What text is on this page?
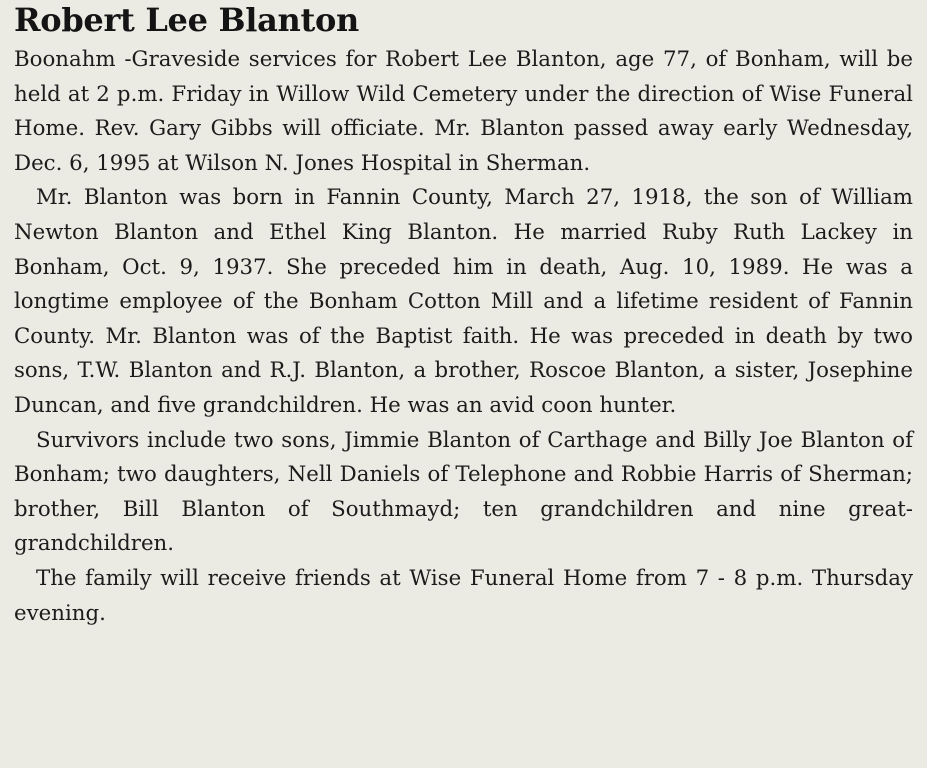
Robert Lee Blanton

Boonahm -Graveside services for Robert Lee Blanton, age 77, of Bonham, will be held at 2 p.m. Friday in Willow Wild Cemetery under the direction of Wise Funeral Home. Rev. Gary Gibbs will officiate. Mr. Blanton passed away early Wednesday, Dec. 6, 1995 at Wilson N. Jones Hospital in Sherman.

Mr. Blanton was born in Fannin County, March 27, 1918, the son of William Newton Blanton and Ethel King Blanton. He married Ruby Ruth Lackey in Bonham, Oct. 9, 1937. She preceded him in death, Aug. 10, 1989. He was a longtime employee of the Bonham Cotton Mill and a lifetime resident of Fannin County. Mr. Blanton was of the Baptist faith. He was preceded in death by two sons, T.W. Blanton and R.J. Blanton, a brother, Roscoe Blanton, a sister, Josephine Duncan, and five grandchildren. He was an avid coon hunter.

Survivors include two sons, Jimmie Blanton of Carthage and Billy Joe Blanton of Bonham; two daughters, Nell Daniels of Telephone and Robbie Harris of Sherman; brother, Bill Blanton of Southmayd; ten grandchildren and nine great-grandchildren.

The family will receive friends at Wise Funeral Home from 7 - 8 p.m. Thursday evening.
